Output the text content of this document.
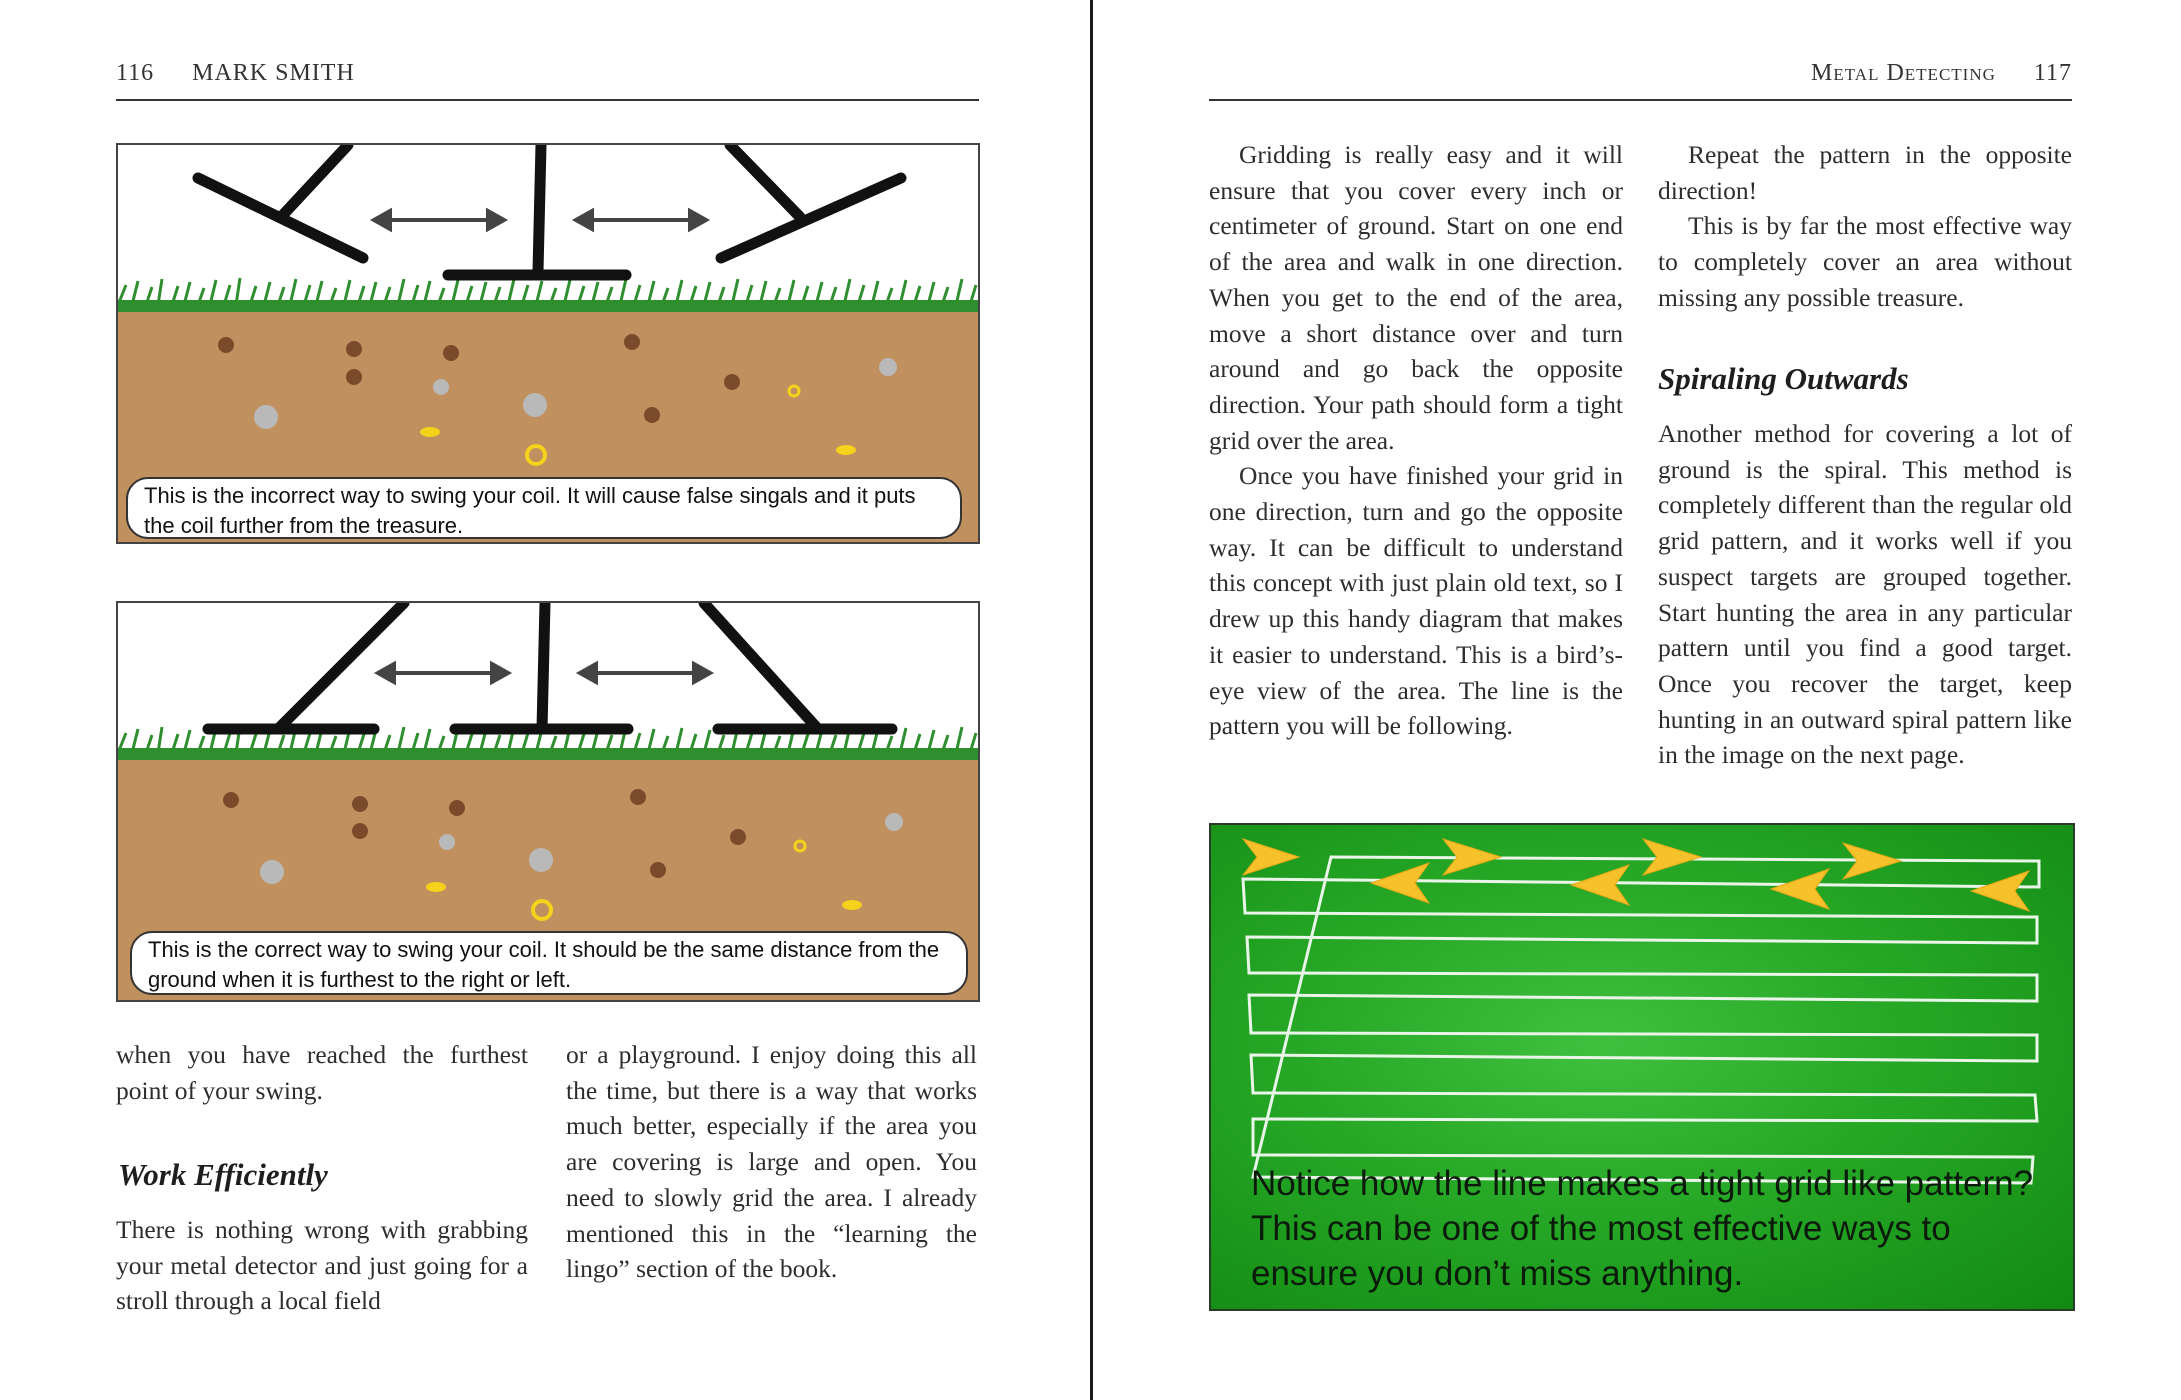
116 MARK SMITH
This is the incorrect way to swing your coil. It will cause false singals and it puts the coil further from the treasure.
This is the correct way to swing your coil. It should be the same distance from the ground when it is furthest to the right or left.

when you have reached the furthest point of your swing.

Work Efficiently

There is nothing wrong with grabbing your metal detector and just going for a stroll through a local field

or a playground. I enjoy doing this all the time, but there is a way that works much better, especially if the area you are covering is large and open. You need to slowly grid the area. I already mentioned this in the “learning the lingo” section of the book.

Metal Detecting 117

Gridding is really easy and it will ensure that you cover every inch or centimeter of ground. Start on one end of the area and walk in one direction. When you get to the end of the area, move a short distance over and turn around and go back the opposite direction. Your path should form a tight grid over the area.

Once you have finished your grid in one direction, turn and go the opposite way. It can be difficult to understand this concept with just plain old text, so I drew up this handy diagram that makes it easier to understand. This is a bird’s-eye view of the area. The line is the pattern you will be following.

Repeat the pattern in the opposite direction!

This is by far the most effective way to completely cover an area without missing any possible treasure.

Spiraling Outwards

Another method for covering a lot of ground is the spiral. This method is completely different than the regular old grid pattern, and it works well if you suspect targets are grouped together. Start hunting the area in any particular pattern until you find a good target. Once you recover the target, keep hunting in an outward spiral pattern like in the image on the next page.

Notice how the line makes a tight grid like pattern? This can be one of the most effective ways to ensure you don’t miss anything.
